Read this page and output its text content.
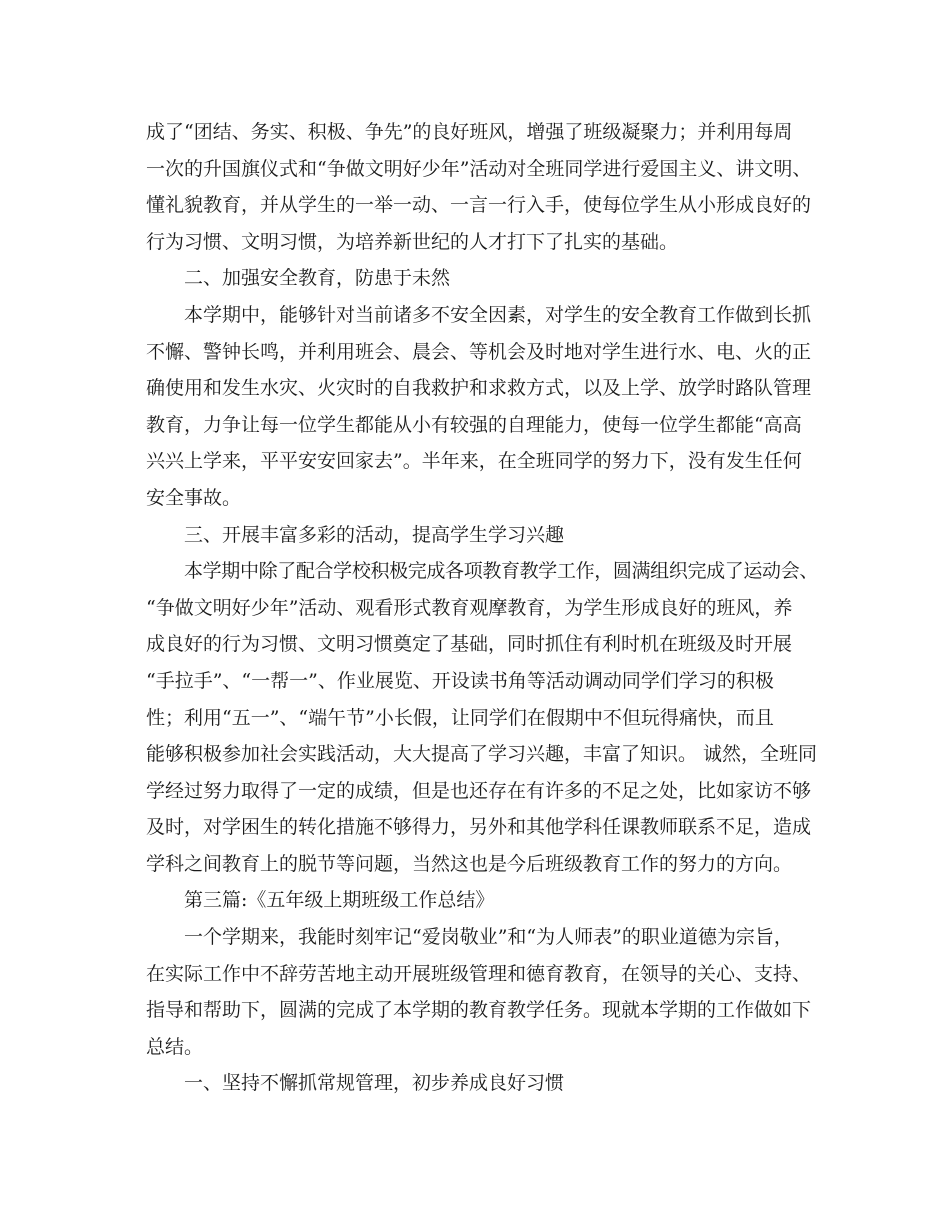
成了“团结、务实、积极、争先”的良好班风，增强了班级凝聚力；并利用每周
一次的升国旗仪式和“争做文明好少年”活动对全班同学进行爱国主义、讲文明、
懂礼貌教育，并从学生的一举一动、一言一行入手，使每位学生从小形成良好的
行为习惯、文明习惯，为培养新世纪的人才打下了扎实的基础。
二、加强安全教育，防患于未然
本学期中，能够针对当前诸多不安全因素，对学生的安全教育工作做到长抓
不懈、警钟长鸣，并利用班会、晨会、等机会及时地对学生进行水、电、火的正
确使用和发生水灾、火灾时的自我救护和求救方式，以及上学、放学时路队管理
教育，力争让每一位学生都能从小有较强的自理能力，使每一位学生都能“高高
兴兴上学来，平平安安回家去”。半年来，在全班同学的努力下，没有发生任何
安全事故。
三、开展丰富多彩的活动，提高学生学习兴趣
本学期中除了配合学校积极完成各项教育教学工作，圆满组织完成了运动会、
“争做文明好少年”活动、观看形式教育观摩教育，为学生形成良好的班风，养
成良好的行为习惯、文明习惯奠定了基础，同时抓住有利时机在班级及时开展
“手拉手”、“一帮一”、作业展览、开设读书角等活动调动同学们学习的积极
性；利用“五一”、“端午节”小长假，让同学们在假期中不但玩得痛快，而且
能够积极参加社会实践活动，大大提高了学习兴趣，丰富了知识。 诚然，全班同
学经过努力取得了一定的成绩，但是也还存在有许多的不足之处，比如家访不够
及时，对学困生的转化措施不够得力，另外和其他学科任课教师联系不足，造成
学科之间教育上的脱节等问题，当然这也是今后班级教育工作的努力的方向。
第三篇:《五年级上期班级工作总结》
一个学期来，我能时刻牢记“爱岗敬业”和“为人师表”的职业道德为宗旨，
在实际工作中不辞劳苦地主动开展班级管理和德育教育，在领导的关心、支持、
指导和帮助下，圆满的完成了本学期的教育教学任务。现就本学期的工作做如下
总结。
一、坚持不懈抓常规管理，初步养成良好习惯
